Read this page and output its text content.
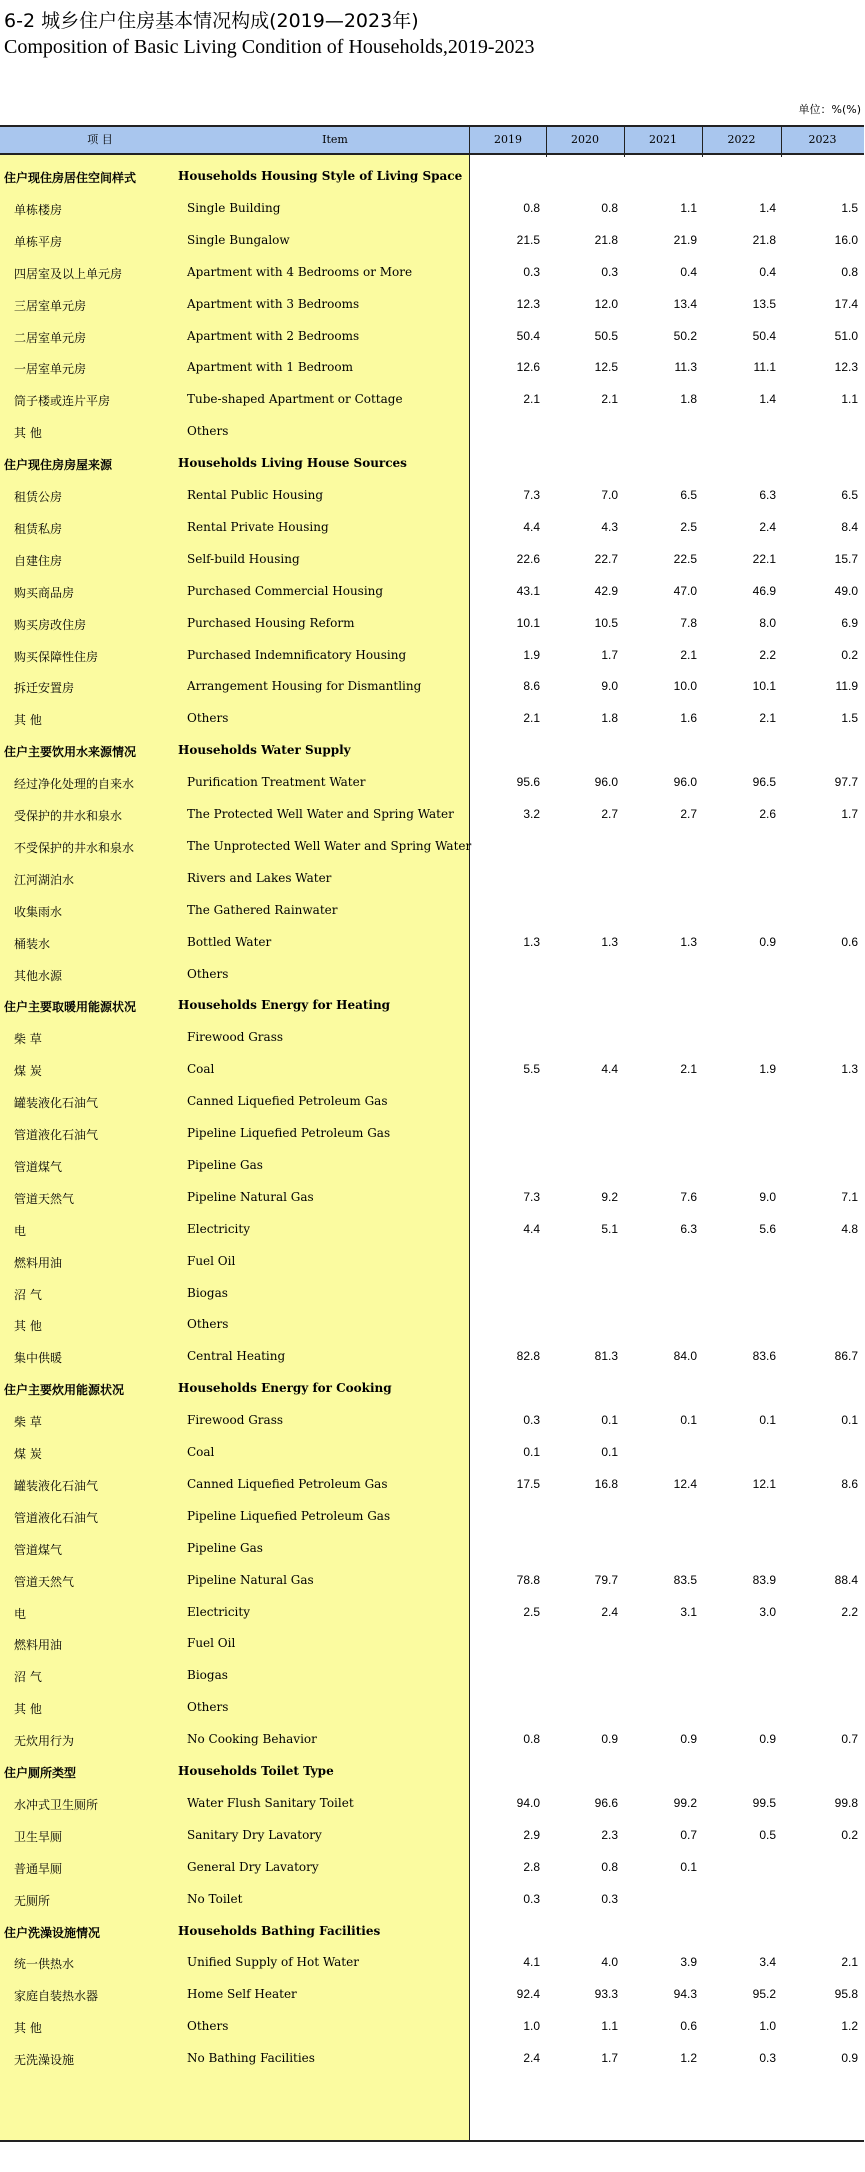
6-2 城乡住户住房基本情况构成(2019—2023年)
Composition of Basic Living Condition of Households,2019-2023
单位：%(%)
项 目	Item	2019	2020	2021	2022	2023
住户现住房居住空间样式	Households Housing Style of Living Space
单栋楼房	Single Building	0.8	0.8	1.1	1.4	1.5
单栋平房	Single Bungalow	21.5	21.8	21.9	21.8	16.0
四居室及以上单元房	Apartment with 4 Bedrooms or More	0.3	0.3	0.4	0.4	0.8
三居室单元房	Apartment with 3 Bedrooms	12.3	12.0	13.4	13.5	17.4
二居室单元房	Apartment with 2 Bedrooms	50.4	50.5	50.2	50.4	51.0
一居室单元房	Apartment with 1 Bedroom	12.6	12.5	11.3	11.1	12.3
筒子楼或连片平房	Tube-shaped Apartment or Cottage	2.1	2.1	1.8	1.4	1.1
其 他	Others
住户现住房房屋来源	Households Living House Sources
租赁公房	Rental Public Housing	7.3	7.0	6.5	6.3	6.5
租赁私房	Rental Private Housing	4.4	4.3	2.5	2.4	8.4
自建住房	Self-build Housing	22.6	22.7	22.5	22.1	15.7
购买商品房	Purchased Commercial Housing	43.1	42.9	47.0	46.9	49.0
购买房改住房	Purchased Housing Reform	10.1	10.5	7.8	8.0	6.9
购买保障性住房	Purchased Indemnificatory Housing	1.9	1.7	2.1	2.2	0.2
拆迁安置房	Arrangement Housing for Dismantling	8.6	9.0	10.0	10.1	11.9
其 他	Others	2.1	1.8	1.6	2.1	1.5
住户主要饮用水来源情况	Households Water Supply
经过净化处理的自来水	Purification Treatment Water	95.6	96.0	96.0	96.5	97.7
受保护的井水和泉水	The Protected Well Water and Spring Water	3.2	2.7	2.7	2.6	1.7
不受保护的井水和泉水	The Unprotected Well Water and Spring Water
江河湖泊水	Rivers and Lakes Water
收集雨水	The Gathered Rainwater
桶装水	Bottled Water	1.3	1.3	1.3	0.9	0.6
其他水源	Others
住户主要取暖用能源状况	Households Energy for Heating
柴 草	Firewood Grass
煤 炭	Coal	5.5	4.4	2.1	1.9	1.3
罐装液化石油气	Canned Liquefied Petroleum Gas
管道液化石油气	Pipeline Liquefied Petroleum Gas
管道煤气	Pipeline Gas
管道天然气	Pipeline Natural Gas	7.3	9.2	7.6	9.0	7.1
电	Electricity	4.4	5.1	6.3	5.6	4.8
燃料用油	Fuel Oil
沼 气	Biogas
其 他	Others
集中供暖	Central Heating	82.8	81.3	84.0	83.6	86.7
住户主要炊用能源状况	Households Energy for Cooking
柴 草	Firewood Grass	0.3	0.1	0.1	0.1	0.1
煤 炭	Coal	0.1	0.1
罐装液化石油气	Canned Liquefied Petroleum Gas	17.5	16.8	12.4	12.1	8.6
管道液化石油气	Pipeline Liquefied Petroleum Gas
管道煤气	Pipeline Gas
管道天然气	Pipeline Natural Gas	78.8	79.7	83.5	83.9	88.4
电	Electricity	2.5	2.4	3.1	3.0	2.2
燃料用油	Fuel Oil
沼 气	Biogas
其 他	Others
无炊用行为	No Cooking Behavior	0.8	0.9	0.9	0.9	0.7
住户厕所类型	Households Toilet Type
水冲式卫生厕所	Water Flush Sanitary Toilet	94.0	96.6	99.2	99.5	99.8
卫生旱厕	Sanitary Dry Lavatory	2.9	2.3	0.7	0.5	0.2
普通旱厕	General Dry Lavatory	2.8	0.8	0.1
无厕所	No Toilet	0.3	0.3
住户洗澡设施情况	Households Bathing Facilities
统一供热水	Unified Supply of Hot Water	4.1	4.0	3.9	3.4	2.1
家庭自装热水器	Home Self Heater	92.4	93.3	94.3	95.2	95.8
其 他	Others	1.0	1.1	0.6	1.0	1.2
无洗澡设施	No Bathing Facilities	2.4	1.7	1.2	0.3	0.9
